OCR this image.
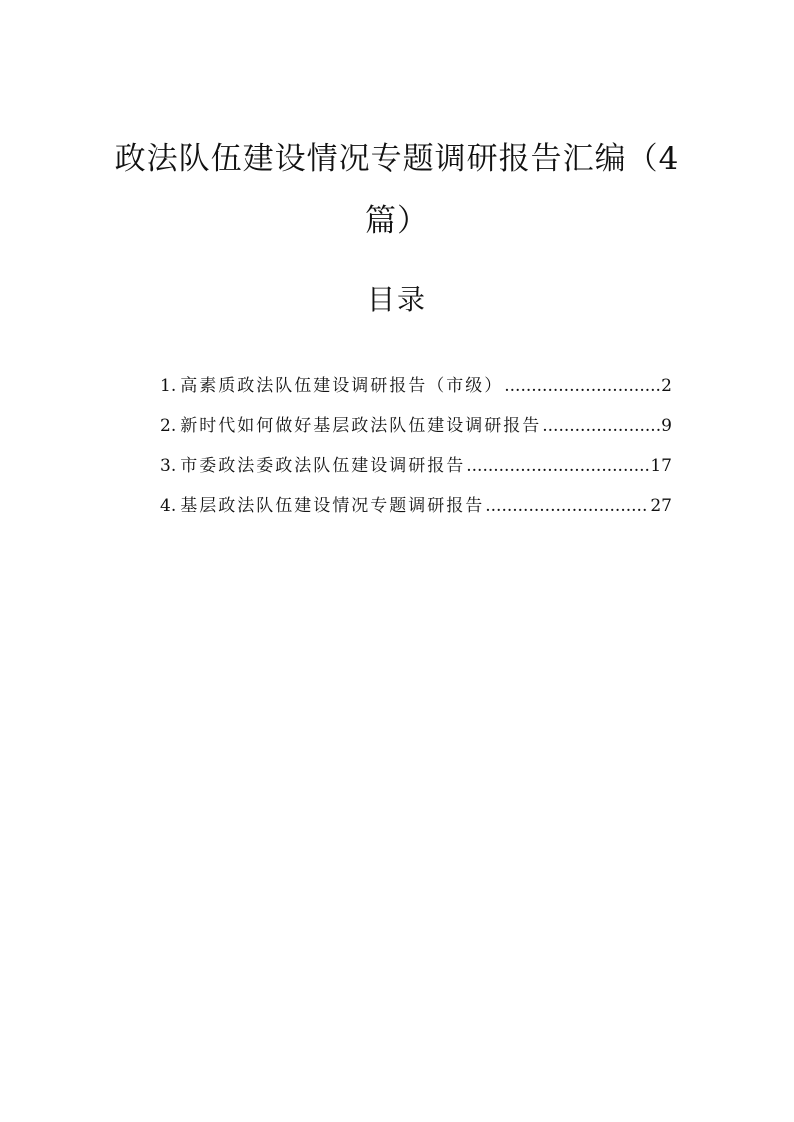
政法队伍建设情况专题调研报告汇编（4篇）
目录
1. 高素质政法队伍建设调研报告（市级） .....	2
2. 新时代如何做好基层政法队伍建设调研报告 .....	9
3. 市委政法委政法队伍建设调研报告 .....	17
4. 基层政法队伍建设情况专题调研报告 .....	27
